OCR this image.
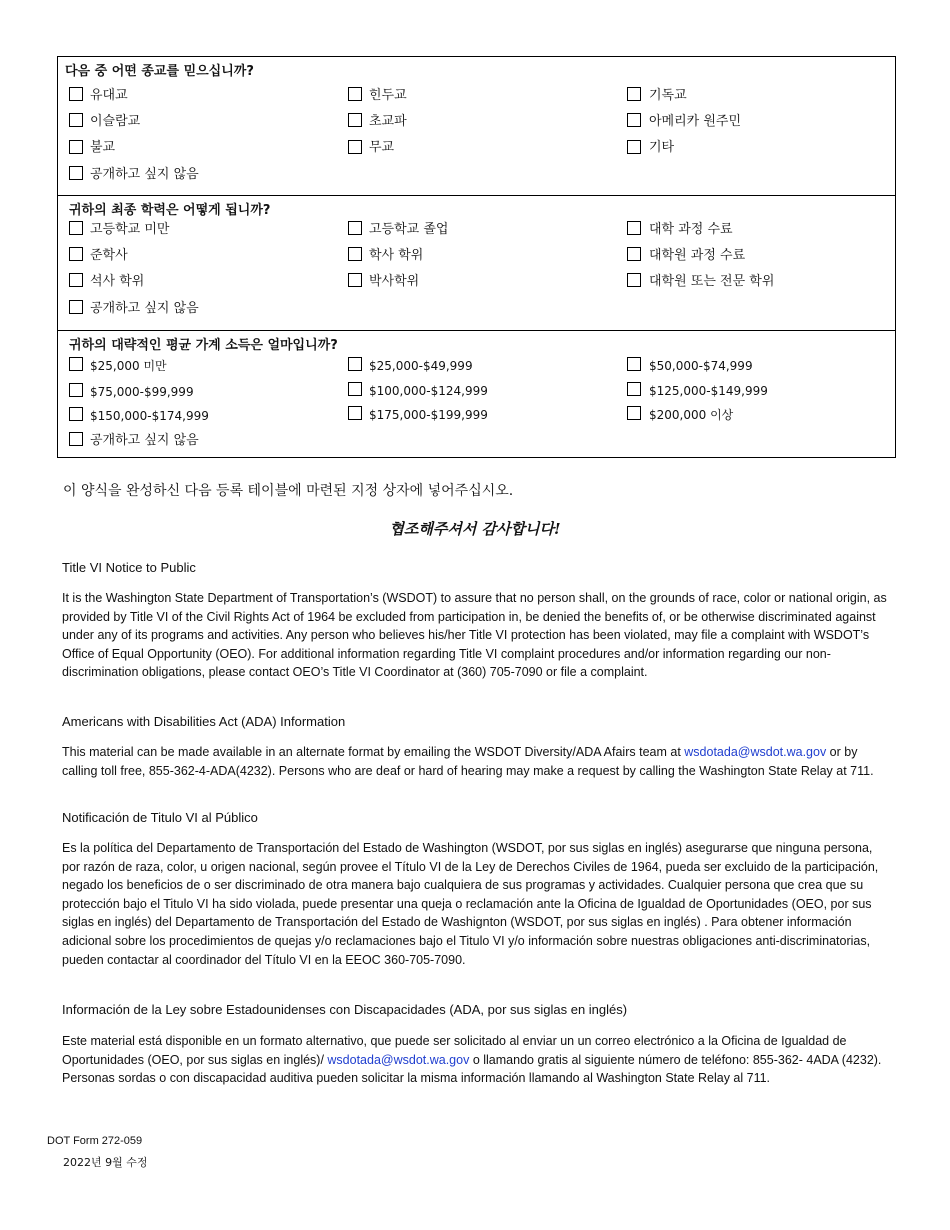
다음 중 어떤 종교를 믿으십니까?
유대교	힌두교	기독교
이슬람교	초교파	아메리카 원주민
불교	무교	기타
공개하고 싶지 않음
귀하의 최종 학력은 어떻게 됩니까?
고등학교 미만	고등학교 졸업	대학 과정 수료
준학사	학사 학위	대학원 과정 수료
석사 학위	박사학위	대학원 또는 전문 학위
공개하고 싶지 않음
귀하의 대략적인 평균 가계 소득은 얼마입니까?
$25,000 미만	$25,000-$49,999	$50,000-$74,999
$75,000-$99,999	$100,000-$124,999	$125,000-$149,999
$150,000-$174,999	$175,000-$199,999	$200,000 이상
공개하고 싶지 않음
이 양식을 완성하신 다음 등록 테이블에 마련된 지정 상자에 넣어주십시오.
협조해주셔서 감사합니다!
Title VI Notice to Public

It is the Washington State Department of Transportation’s (WSDOT) to assure that no person shall, on the grounds of race, color or national origin, as provided by Title VI of the Civil Rights Act of 1964 be excluded from participation in, be denied the benefits of, or be otherwise discriminated against under any of its programs and activities. Any person who believes his/her Title VI protection has been violated, may file a complaint with WSDOT’s Office of Equal Opportunity (OEO). For additional information regarding Title VI complaint procedures and/or information regarding our non-discrimination obligations, please contact OEO’s Title VI Coordinator at (360) 705-7090 or file a complaint.

Americans with Disabilities Act (ADA) Information

This material can be made available in an alternate format by emailing the WSDOT Diversity/ADA Afairs team at wsdotada@wsdot.wa.gov or by calling toll free, 855-362-4-ADA(4232). Persons who are deaf or hard of hearing may make a request by calling the Washington State Relay at 711.

Notificación de Titulo VI al Público

Es la política del Departamento de Transportación del Estado de Washington (WSDOT, por sus siglas en inglés) asegurarse que ninguna persona, por razón de raza, color, u origen nacional, según provee el Título VI de la Ley de Derechos Civiles de 1964, pueda ser excluido de la participación, negado los beneficios de o ser discriminado de otra manera bajo cualquiera de sus programas y actividades. Cualquier persona que crea que su protección bajo el Titulo VI ha sido violada, puede presentar una queja o reclamación ante la Oficina de Igualdad de Oportunidades (OEO, por sus siglas en inglés) del Departamento de Transportación del Estado de Washignton (WSDOT, por sus siglas en inglés) . Para obtener información adicional sobre los procedimientos de quejas y/o reclamaciones bajo el Titulo VI y/o información sobre nuestras obligaciones anti-discriminatorias, pueden contactar al coordinador del Título VI en la EEOC 360-705-7090.

Información de la Ley sobre Estadounidenses con Discapacidades (ADA, por sus siglas en inglés)

Este material está disponible en un formato alternativo, que puede ser solicitado al enviar un un correo electrónico a la Oficina de Igualdad de Oportunidades (OEO, por sus siglas en inglés)/ wsdotada@wsdot.wa.gov o llamando gratis al siguiente número de teléfono: 855-362- 4ADA (4232). Personas sordas o con discapacidad auditiva pueden solicitar la misma información llamando al Washington State Relay al 711.

DOT Form 272-059
2022년 9월 수정
